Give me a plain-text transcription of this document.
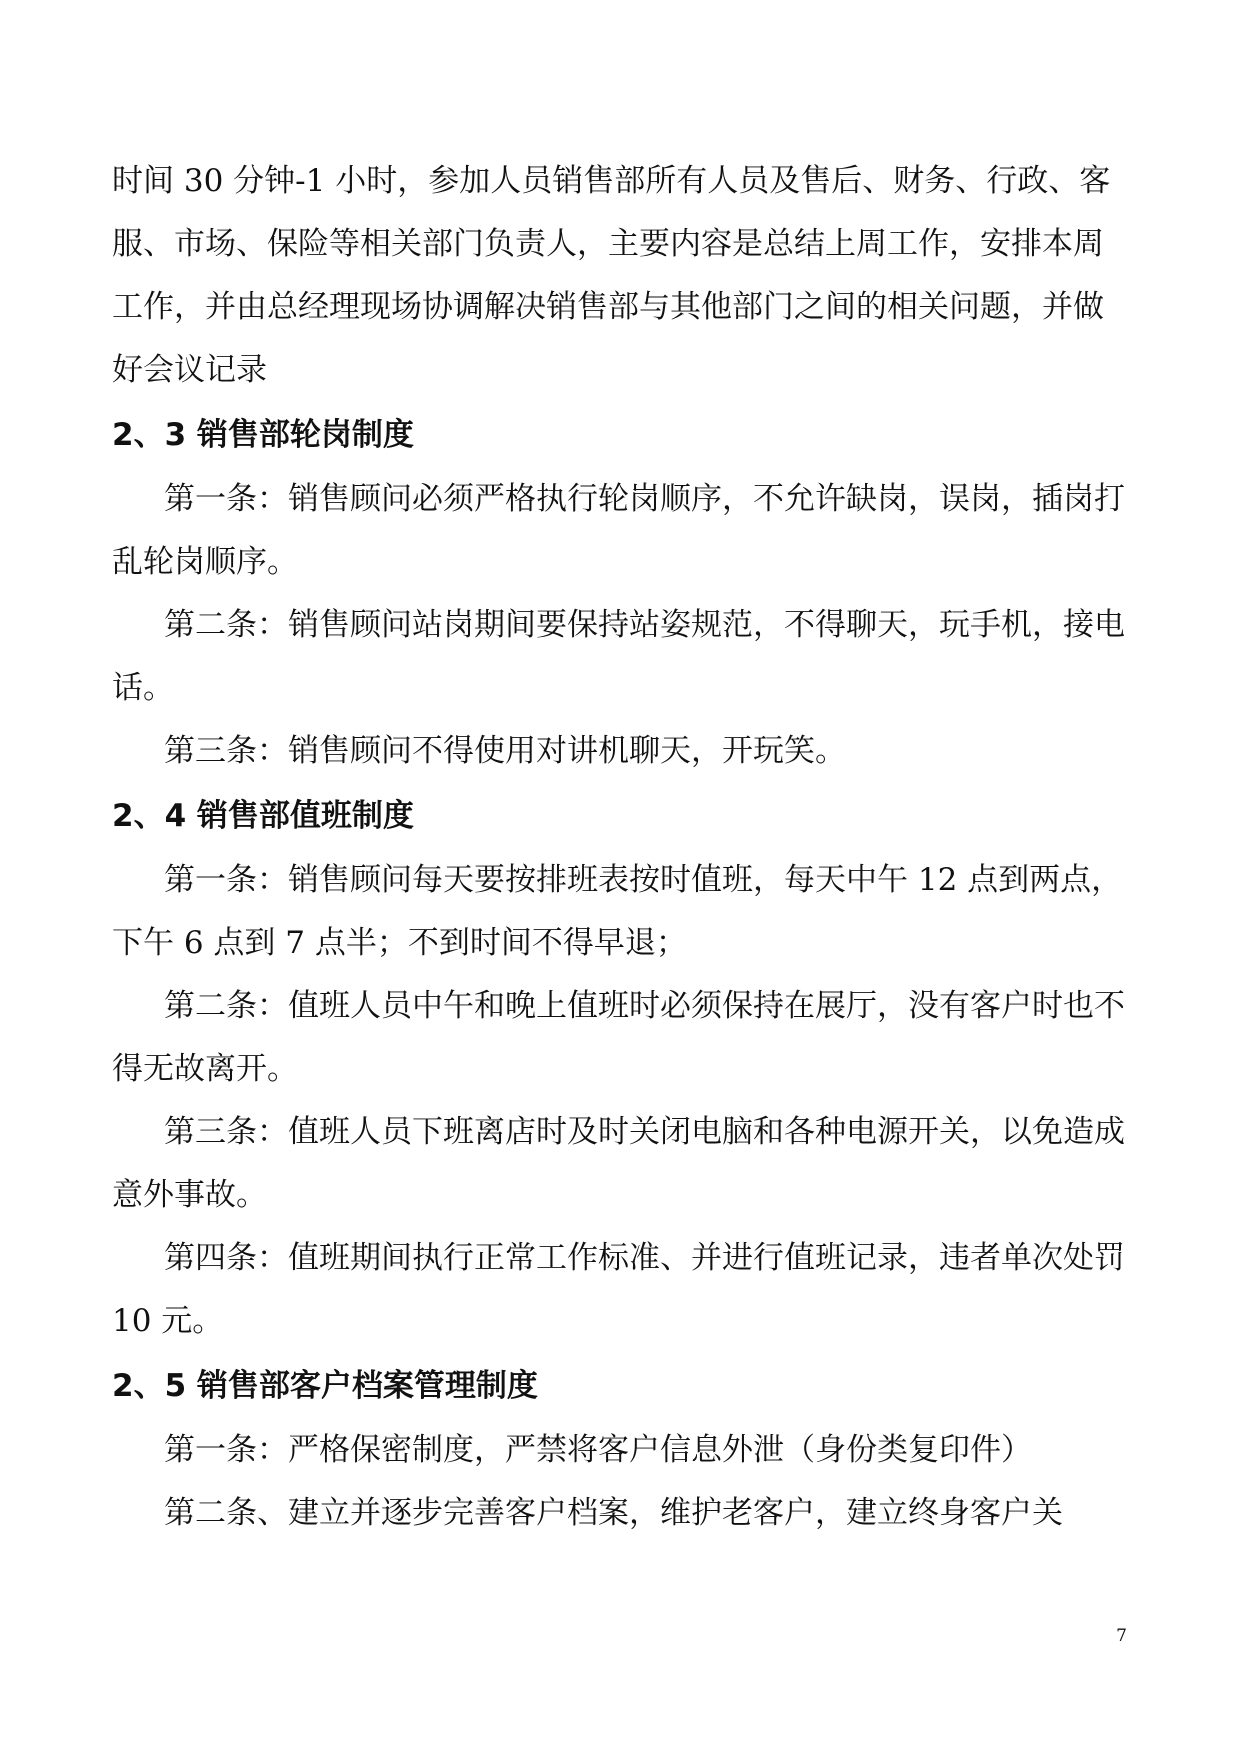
时间 30 分钟-1 小时，参加人员销售部所有人员及售后、财务、行政、客服、市场、保险等相关部门负责人，主要内容是总结上周工作，安排本周工作，并由总经理现场协调解决销售部与其他部门之间的相关问题，并做好会议记录

2、3 销售部轮岗制度

第一条：销售顾问必须严格执行轮岗顺序，不允许缺岗，误岗，插岗打乱轮岗顺序。

第二条：销售顾问站岗期间要保持站姿规范，不得聊天，玩手机，接电话。

第三条：销售顾问不得使用对讲机聊天，开玩笑。

2、4 销售部值班制度

第一条：销售顾问每天要按排班表按时值班，每天中午 12 点到两点，下午 6 点到 7 点半；不到时间不得早退；

第二条：值班人员中午和晚上值班时必须保持在展厅，没有客户时也不得无故离开。

第三条：值班人员下班离店时及时关闭电脑和各种电源开关，以免造成意外事故。

第四条：值班期间执行正常工作标准、并进行值班记录，违者单次处罚 10 元。

2、5 销售部客户档案管理制度

第一条：严格保密制度，严禁将客户信息外泄（身份类复印件）

第二条、建立并逐步完善客户档案，维护老客户，建立终身客户关

7
